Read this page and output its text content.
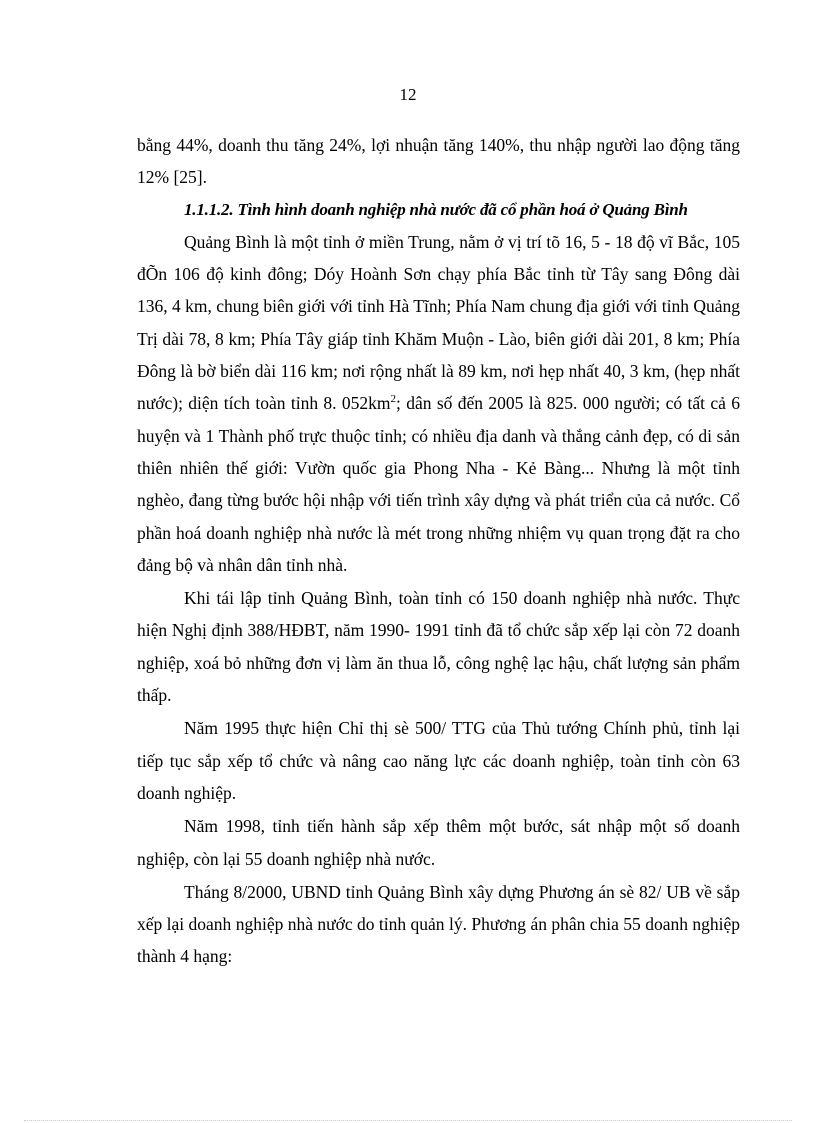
12

bằng 44%, doanh thu tăng 24%, lợi nhuận tăng 140%, thu nhập người lao động tăng 12% [25].

1.1.1.2. Tình hình doanh nghiệp nhà nước đã cổ phần hoá ở Quảng Bình

Quảng Bình là một tỉnh ở miền Trung, nằm ở vị trí tõ 16, 5 - 18 độ vĩ Bắc, 105 đÕn 106 độ kinh đông; Dóy Hoành Sơn chạy phía Bắc tỉnh từ Tây sang Đông dài 136, 4 km, chung biên giới với tỉnh Hà Tĩnh; Phía Nam chung địa giới với tỉnh Quảng Trị dài 78, 8 km; Phía Tây giáp tỉnh Khăm Muộn - Lào, biên giới dài 201, 8 km; Phía Đông là bờ biển dài 116 km; nơi rộng nhất là 89 km, nơi hẹp nhất 40, 3 km, (hẹp nhất nước); diện tích toàn tỉnh 8. $052km^2$; dân số đến 2005 là 825. 000 người; có tất cả 6 huyện và 1 Thành phố trực thuộc tỉnh; có nhiều địa danh và thắng cảnh đẹp, có di sản thiên nhiên thế giới: Vườn quốc gia Phong Nha - Kẻ Bàng... Nhưng là một tỉnh nghèo, đang từng bước hội nhập với tiến trình xây dựng và phát triển của cả nước. Cổ phần hoá doanh nghiệp nhà nước là mét trong những nhiệm vụ quan trọng đặt ra cho đảng bộ và nhân dân tỉnh nhà.

Khi tái lập tỉnh Quảng Bình, toàn tỉnh có 150 doanh nghiệp nhà nước. Thực hiện Nghị định 388/HĐBT, năm 1990- 1991 tỉnh đã tổ chức sắp xếp lại còn 72 doanh nghiệp, xoá bỏ những đơn vị làm ăn thua lỗ, công nghệ lạc hậu, chất lượng sản phẩm thấp.

Năm 1995 thực hiện Chỉ thị sè 500/ TTG của Thủ tướng Chính phủ, tỉnh lại tiếp tục sắp xếp tổ chức và nâng cao năng lực các doanh nghiệp, toàn tỉnh còn 63 doanh nghiệp.

Năm 1998, tỉnh tiến hành sắp xếp thêm một bước, sát nhập một số doanh nghiệp, còn lại 55 doanh nghiệp nhà nước.

Tháng 8/2000, UBND tỉnh Quảng Bình xây dựng Phương án sè 82/ UB về sắp xếp lại doanh nghiệp nhà nước do tỉnh quản lý. Phương án phân chia 55 doanh nghiệp thành 4 hạng:
